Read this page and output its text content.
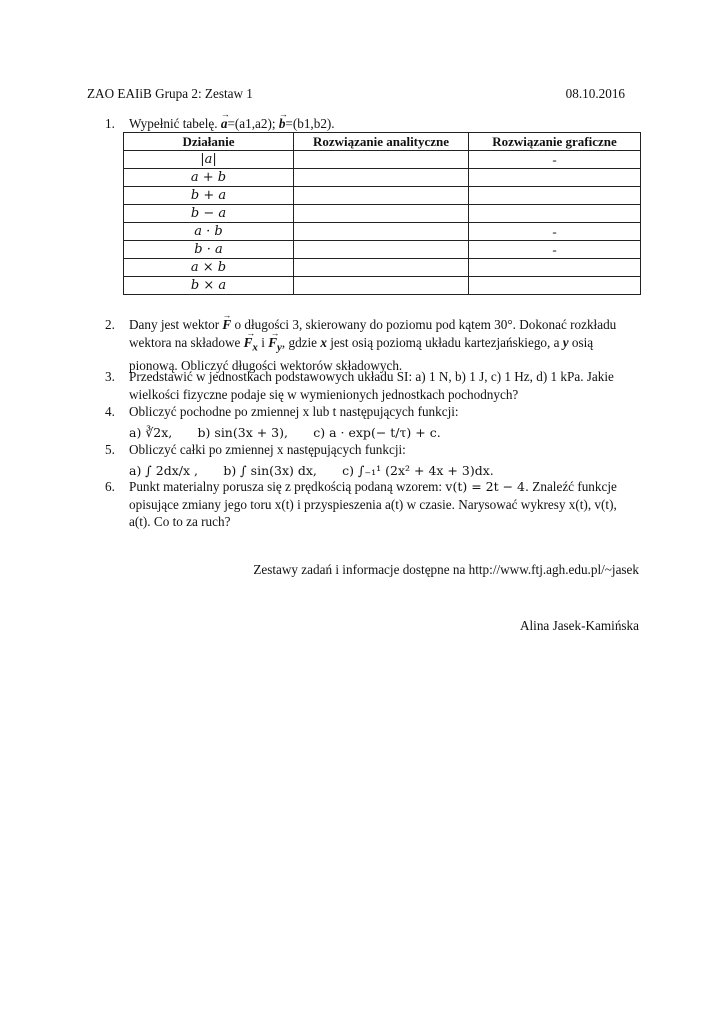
ZAO EAIiB Grupa 2: Zestaw 1	08.10.2016
1. Wypełnić tabelę. → a=(a1,a2); → b=(b1,b2).
Działanie	Rozwiązanie analityczne	Rozwiązanie graficzne
|a|		-
a + b		
b + a		
b − a		
a · b		-
b · a		-
a × b		
b × a		
2. Dany jest wektor → F o długości 3, skierowany do poziomu pod kątem 30°. Dokonać rozkładu
wektora na składowe → $F_x$ $i \to F_y$, gdzie x jest osią poziomą układu kartezjańskiego, a y osią
pionową. Obliczyć długości wektorów składowych.
3. Przedstawić w jednostkach podstawowych układu SI: a) 1 N, b) 1 J, c) 1 Hz, d) 1 kPa. Jakie
wielkości fizyczne podaje się w wymienionych jednostkach pochodnych?
4. Obliczyć pochodne po zmiennej x lub t następujących funkcji:
a) ∛2x, b) sin(3x + 3), c) a · exp(− t/τ) + c.
5. Obliczyć całki po zmiennej x następujących funkcji:
a) ∫ 2dx/x , b) ∫ sin(3x) dx, c) ∫₋₁¹ (2x² + 4x + 3)dx.
6. Punkt materialny porusza się z prędkością podaną wzorem: v(t) = 2t − 4. Znaleźć funkcje
opisujące zmiany jego toru x(t) i przyspieszenia a(t) w czasie. Narysować wykresy x(t), v(t),
a(t). Co to za ruch?
Zestawy zadań i informacje dostępne na http://www.ftj.agh.edu.pl/~jasek
Alina Jasek-Kamińska
